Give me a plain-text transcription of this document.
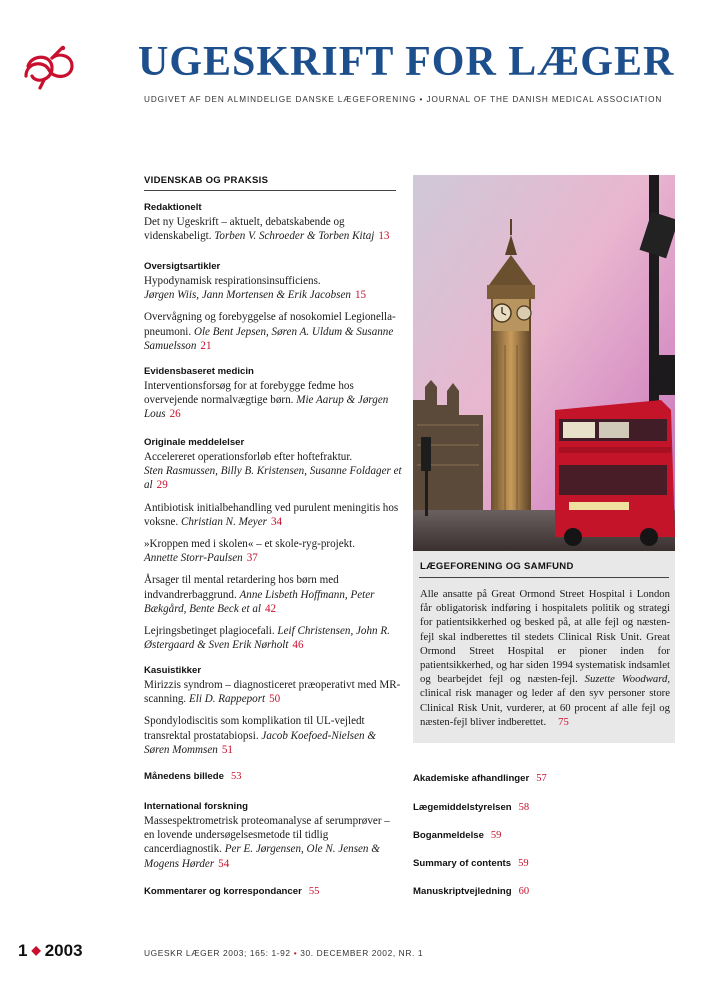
UGESKRIFT FOR LÆGER
UDGIVET AF DEN ALMINDELIGE DANSKE LÆGEFORENING • JOURNAL OF THE DANISH MEDICAL ASSOCIATION
VIDENSKAB OG PRAKSIS
Redaktionelt
Det ny Ugeskrift – aktuelt, debatskabende og videnskabeligt. Torben V. Schroeder & Torben Kitaj 13
Oversigtsartikler
Hypodynamisk respirationsinsufficiens.
Jørgen Wiis, Jann Mortensen & Erik Jacobsen 15
Overvågning og forebyggelse af nosokomiel Legionella-pneumoni. Ole Bent Jepsen, Søren A. Uldum & Susanne Samuelsson 21
Evidensbaseret medicin
Interventionsforsøg for at forebygge fedme hos overvejende normalvægtige børn. Mie Aarup & Jørgen Lous 26
Originale meddelelser
Accelereret operationsforløb efter hoftefraktur.
Sten Rasmussen, Billy B. Kristensen, Susanne Foldager et al 29
Antibiotisk initialbehandling ved purulent meningitis hos voksne. Christian N. Meyer 34
»Kroppen med i skolen« – et skole-ryg-projekt.
Annette Storr-Paulsen 37
Årsager til mental retardering hos børn med indvandrerbaggrund. Anne Lisbeth Hoffmann, Peter Bækgård, Bente Beck et al 42
Lejringsbetinget plagiocefali. Leif Christensen, John R. Østergaard & Sven Erik Nørholt 46
Kasuistikker
Mirizzis syndrom – diagnosticeret præoperativt med MR-scanning. Eli D. Rappeport 50
Spondylodiscitis som komplikation til UL-vejledt transrektal prostatabiopsi. Jacob Koefoed-Nielsen & Søren Mommsen 51
Månedens billede 53
International forskning
Massespektrometrisk proteomanalyse af serumprøver – en lovende undersøgelsesmetode til tidlig cancerdiagnostik. Per E. Jørgensen, Ole N. Jensen & Mogens Hørder 54
Kommentarer og korrespondancer 55
LÆGEFORENING OG SAMFUND
Alle ansatte på Great Ormond Street Hospital i London får obligatorisk indføring i hospitalets politik og strategi for patientsikkerhed og besked på, at alle fejl og næsten-fejl skal indberettes til stedets Clinical Risk Unit. Great Ormond Street Hospital er pioner inden for patientsikkerhed, og har siden 1994 systematisk indsamlet og bearbejdet fejl og næsten-fejl. Suzette Woodward, clinical risk manager og leder af den syv personer store Clinical Risk Unit, vurderer, at 60 procent af alle fejl og næsten-fejl bliver indberettet. 75
Akademiske afhandlinger 57
Lægemiddelstyrelsen 58
Boganmeldelse 59
Summary of contents 59
Manuskriptvejledning 60
1 ◆ 2003	UGESKR LÆGER 2003; 165: 1-92 • 30. DECEMBER 2002, NR. 1
